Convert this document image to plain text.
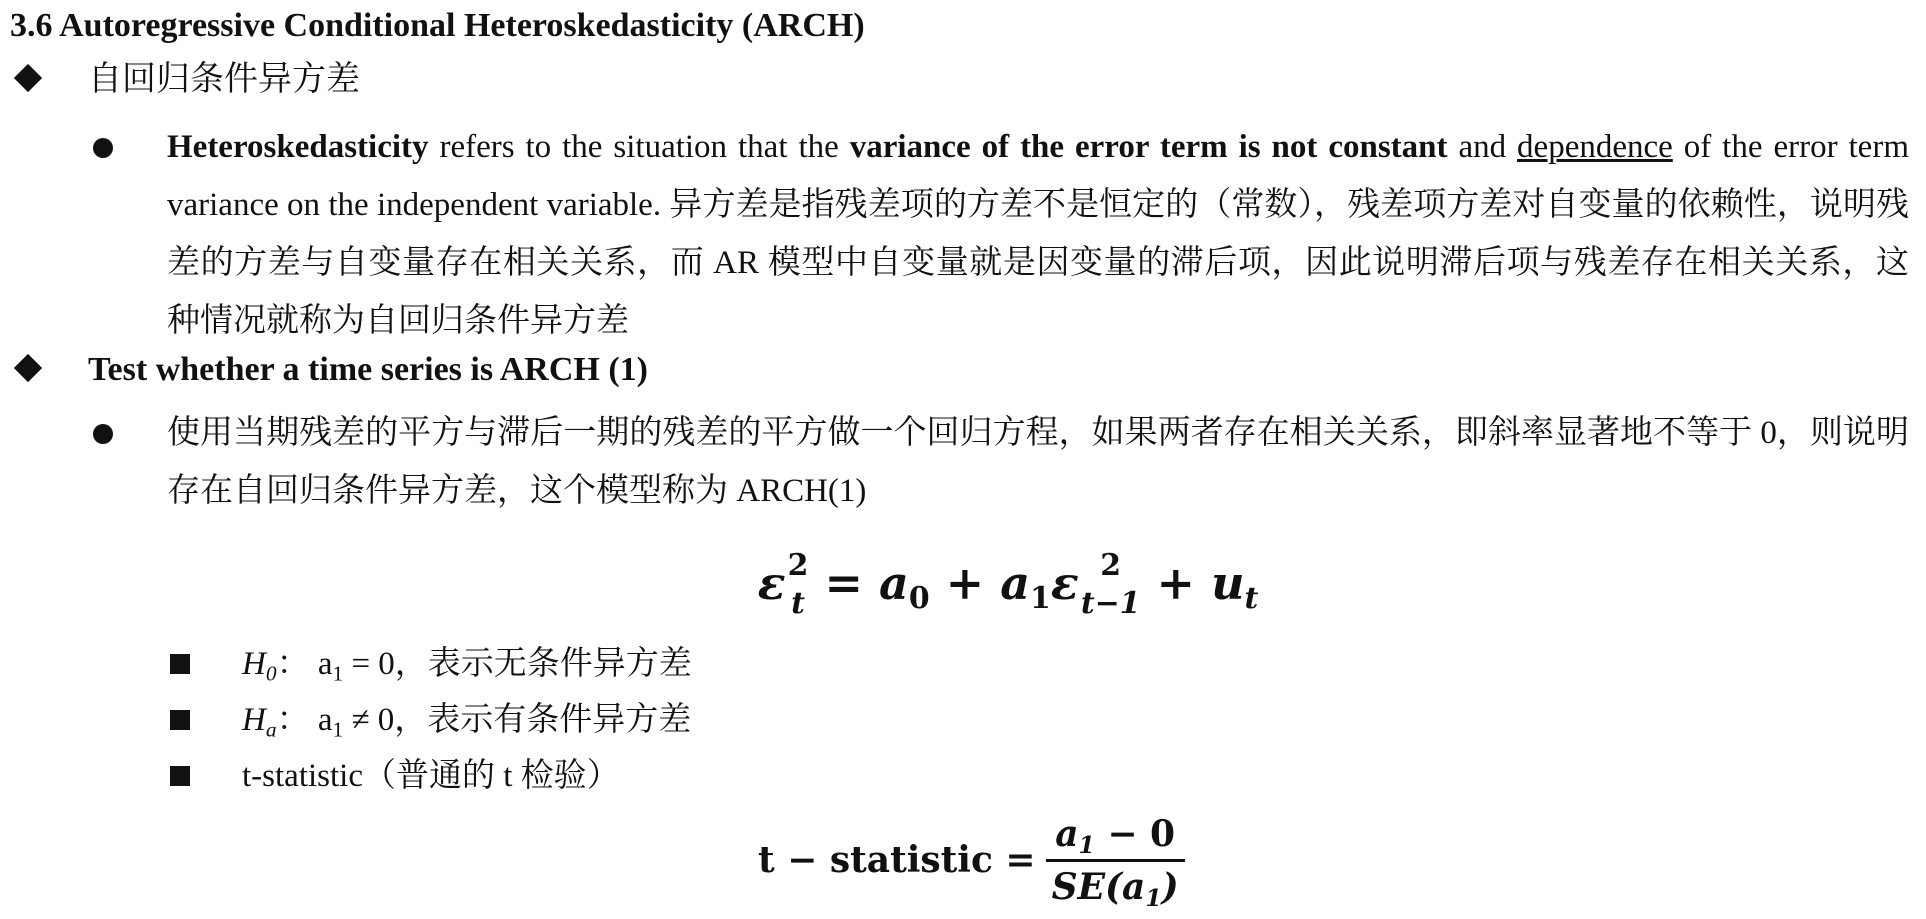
3.6 Autoregressive Conditional Heteroskedasticity (ARCH)
自回归条件异方差
Heteroskedasticity refers to the situation that the variance of the error term is not constant and dependence of the error term variance on the independent variable. 异方差是指残差项的方差不是恒定的（常数），残差项方差对自变量的依赖性，说明残差的方差与自变量存在相关关系，而 AR 模型中自变量就是因变量的滞后项，因此说明滞后项与残差存在相关关系，这种情况就称为自回归条件异方差
Test whether a time series is ARCH (1)
使用当期残差的平方与滞后一期的残差的平方做一个回归方程，如果两者存在相关关系，即斜率显著地不等于 0，则说明存在自回归条件异方差，这个模型称为 ARCH(1)
ε 2
$t = a_0 + a_1\varepsilon$ 2
$t-1 + u_t$
$H_0$： $a_1 = 0$，表示无条件异方差
$H_a$： $a_1 \ne 0$，表示有条件异方差
t-statistic（普通的 t 检验）
t − statistic = $\frac{a_1 - 0}{SE(a_1)}$
